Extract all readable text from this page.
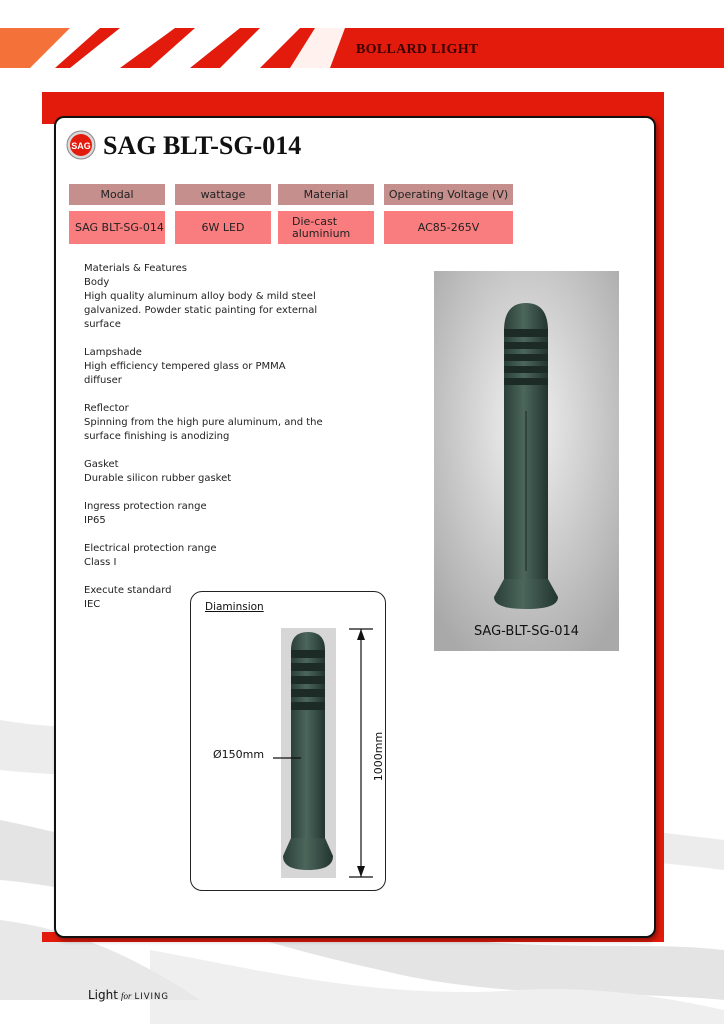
BOLLARD LIGHT
SAG SAG BLT-SG-014
Modal	wattage	Material	Operating Voltage (V)
SAG BLT-SG-014	6W LED	Die-cast aluminium	AC85-265V

Materials & Features

Body

High quality aluminum alloy body & mild steel galvanized. Powder static painting for external surface

Lampshade

High efficiency tempered glass or PMMA diffuser

Reflector

Spinning from the high pure aluminum, and the surface finishing is anodizing

Gasket

Durable silicon rubber gasket

Ingress protection range

IP65

Electrical protection range

Class I

Execute standard

IEC

SAG-BLT-SG-014
Diaminsion
Ø150mm	1000mm
Light for LIVING
